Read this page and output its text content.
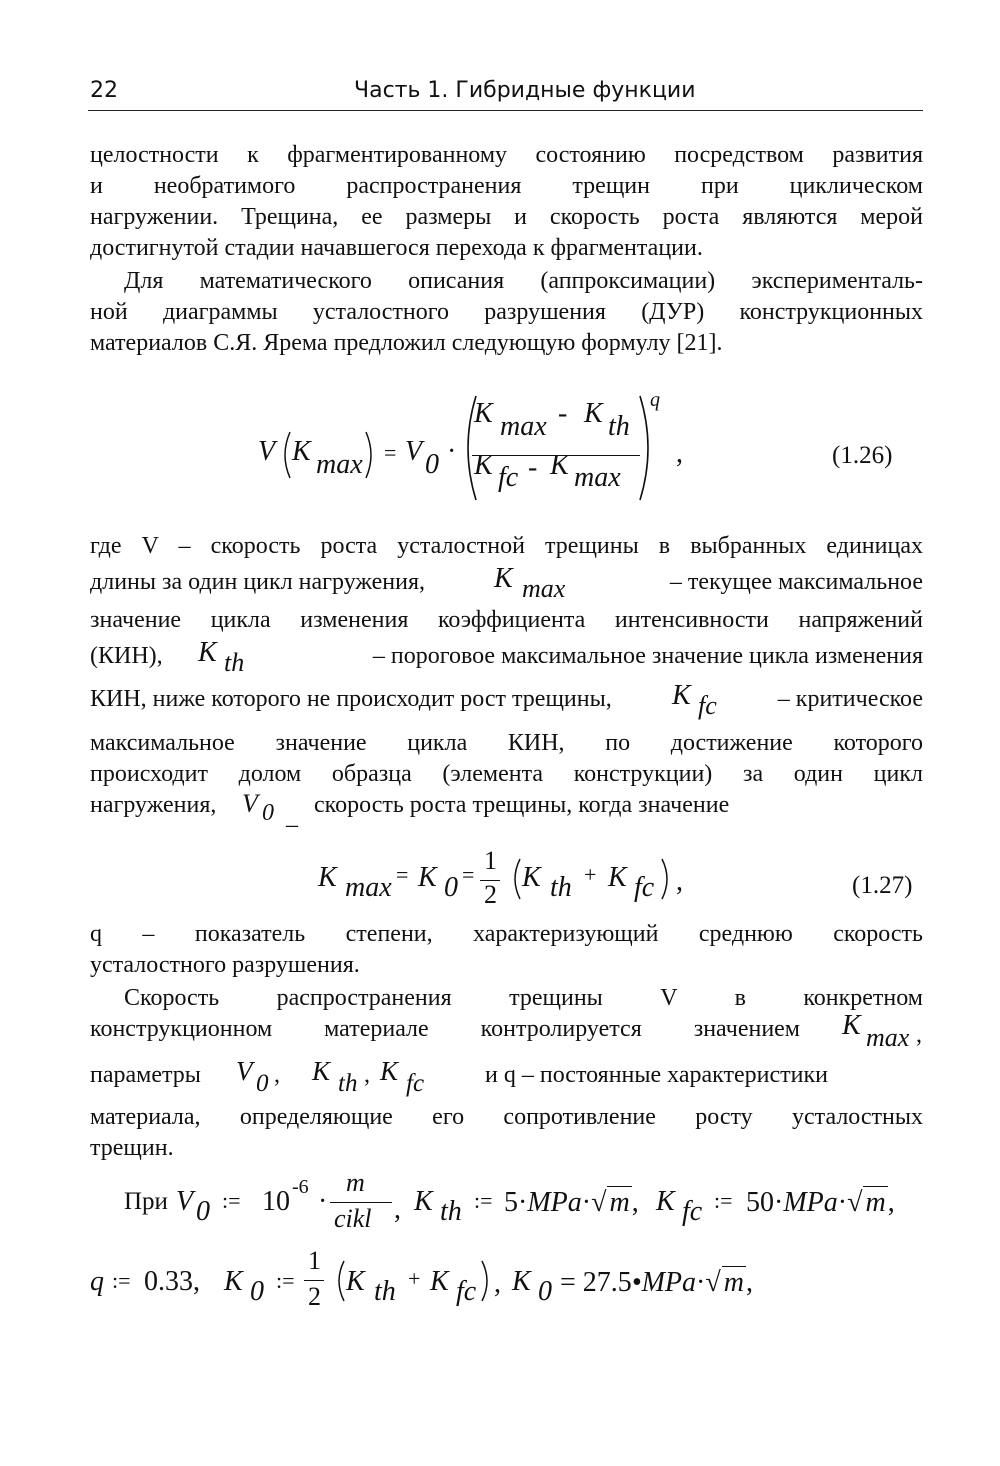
22	Часть 1. Гибридные функции
целостности к фрагментированному состоянию посредством развития
и необратимого распространения трещин при циклическом
нагружении. Трещина, ее размеры и скорость роста являются мерой
достигнутой стадии начавшегося перехода к фрагментации.
Для математического описания (аппроксимации) эксперименталь-
ной диаграммы усталостного разрушения (ДУР) конструкционных
материалов С.Я. Ярема предложил следующую формулу [21].
V K max = V 0 ·
K max - K th
K fc - K max
q
,	(1.26)
где V – скорость роста усталостной трещины в выбранных единицах
длины за один цикл нагружения, K max	– текущее максимальное
значение цикла изменения коэффициента интенсивности напряжений
(КИН), K th	– пороговое максимальное значение цикла изменения
КИН, ниже которого не происходит рост трещины, K fc	– критическое
максимальное значение цикла КИН, по достижение которого
происходит долом образца (элемента конструкции) за один цикл
нагружения, V 0 _ скорость роста трещины, когда значение
K max = K 0 = 1
2
K th + K fc ,	(1.27)
q – показатель степени, характеризующий среднюю скорость
усталостного разрушения.
Скорость распространения трещины V в конкретном
конструкционном материале контролируется значением K max ,
параметры V 0 , K th , K fc	и q – постоянные характеристики
материала, определяющие его сопротивление росту усталостных
трещин.
При V 0 := 10 -6 ·
m
cikl , K th := 5·MPa·√ m, K fc := 50·MPa·√ m,
q := 0.33, K 0 :=
1
2 K th + K fc , K 0 = 27.5•MPa·√ m,
